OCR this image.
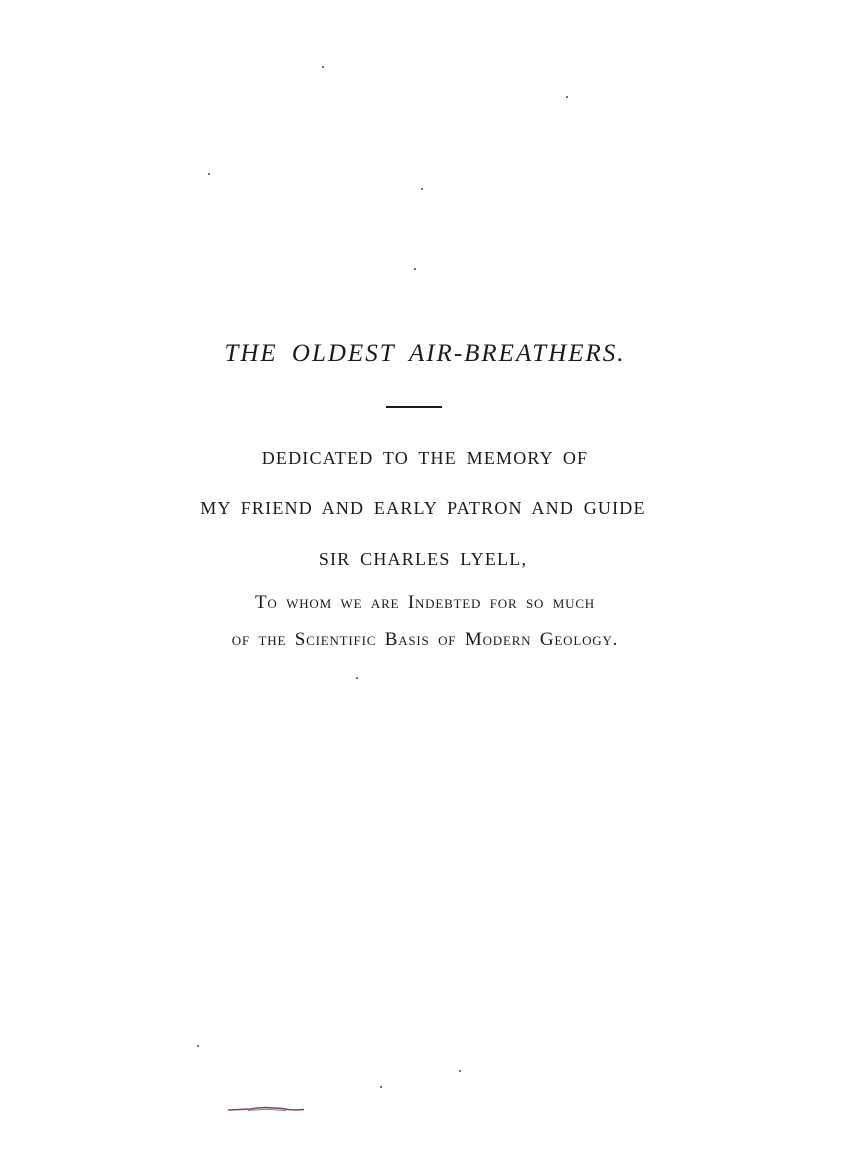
THE OLDEST AIR-BREATHERS.
DEDICATED TO THE MEMORY OF
MY FRIEND AND EARLY PATRON AND GUIDE
SIR CHARLES LYELL,
To whom we are Indebted for so much
of the Scientific Basis of Modern Geology.
